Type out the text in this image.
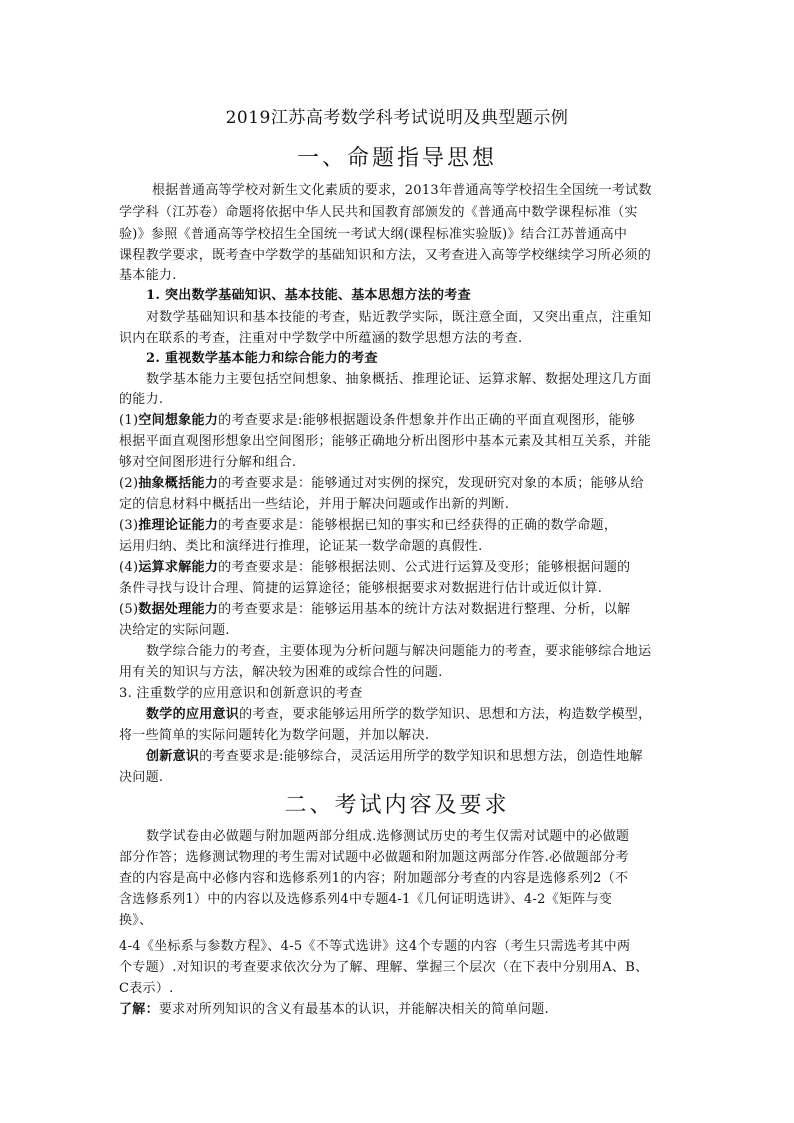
2019江苏高考数学科考试说明及典型题示例
一、命题指导思想
根据普通高等学校对新生文化素质的要求，2013年普通高等学校招生全国统一考试数
学学科（江苏卷）命题将依据中华人民共和国教育部颁发的《普通高中数学课程标准（实
验)》参照《普通高等学校招生全国统一考试大纲(课程标准实验版)》结合江苏普通高中
课程教学要求，既考查中学数学的基础知识和方法，又考查进入高等学校继续学习所必须的
基本能力.
1. 突出数学基础知识、基本技能、基本思想方法的考查
对数学基础知识和基本技能的考查，贴近教学实际，既注意全面，又突出重点，注重知
识内在联系的考查，注重对中学数学中所蕴涵的数学思想方法的考查.
2. 重视数学基本能力和综合能力的考查
数学基本能力主要包括空间想象、抽象概括、推理论证、运算求解、数据处理这几方面
的能力.
(1)空间想象能力的考查要求是:能够根据题设条件想象并作出正确的平面直观图形，能够
根据平面直观图形想象出空间图形；能够正确地分析出图形中基本元素及其相互关系，并能
够对空间图形进行分解和组合.
(2)抽象概括能力的考查要求是：能够通过对实例的探究，发现研究对象的本质；能够从给
定的信息材料中概括出一些结论，并用于解决问题或作出新的判断.
(3)推理论证能力的考查要求是：能够根据已知的事实和已经获得的正确的数学命题，
运用归纳、类比和演绎进行推理，论证某一数学命题的真假性.
(4)运算求解能力的考查要求是：能够根据法则、公式进行运算及变形；能够根据问题的
条件寻找与设计合理、简捷的运算途径；能够根据要求对数据进行估计或近似计算.
(5)数据处理能力的考查要求是：能够运用基本的统计方法对数据进行整理、分析，以解
决给定的实际问题.
数学综合能力的考查，主要体现为分析问题与解决问题能力的考查，要求能够综合地运
用有关的知识与方法，解决较为困难的或综合性的问题.
3. 注重数学的应用意识和创新意识的考查
数学的应用意识的考查，要求能够运用所学的数学知识、思想和方法，构造数学模型，
将一些简单的实际问题转化为数学问题，并加以解决.
创新意识的考查要求是:能够综合，灵活运用所学的数学知识和思想方法，创造性地解
决问题.
二、考试内容及要求
数学试卷由必做题与附加题两部分组成.选修测试历史的考生仅需对试题中的必做题
部分作答；选修测试物理的考生需对试题中必做题和附加题这两部分作答.必做题部分考
查的内容是高中必修内容和选修系列1的内容；附加题部分考查的内容是选修系列2（不
含选修系列1）中的内容以及选修系列4中专题4-1《几何证明选讲》、4-2《矩阵与变
换》、
4-4《坐标系与参数方程》、4-5《不等式选讲》这4个专题的内容（考生只需选考其中两
个专题）.对知识的考查要求依次分为了解、理解、掌握三个层次（在下表中分别用A、B、
C表示）.
了解：要求对所列知识的含义有最基本的认识，并能解决相关的简单问题.
